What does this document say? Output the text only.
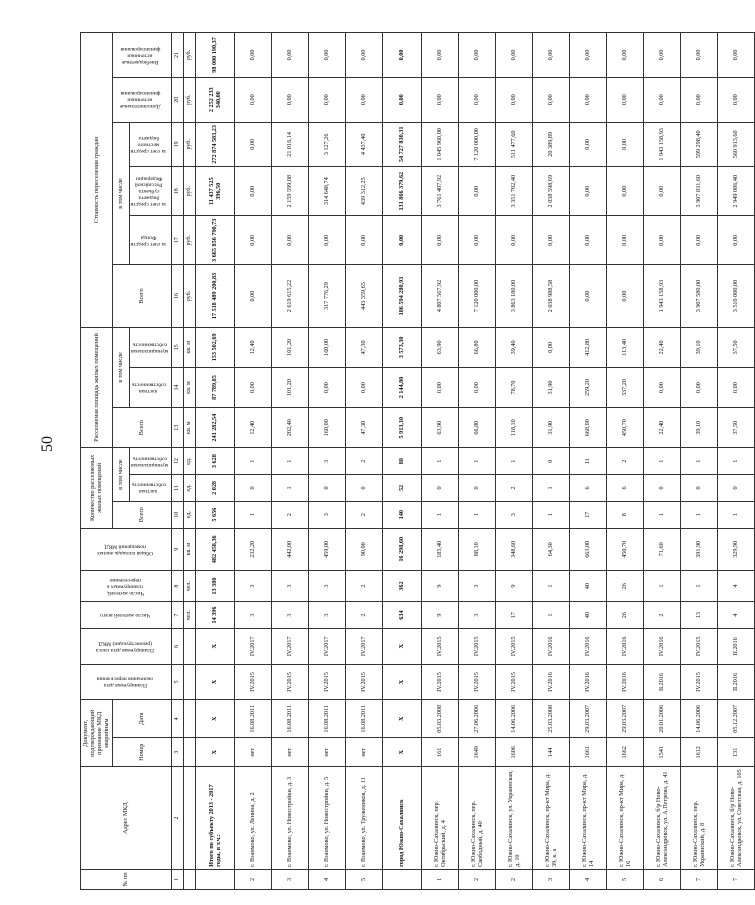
50
№ пп	Адрес МКД	Документ, подтверждающий признание МКД аварийным		Планируемая дата окончания переселения	Планируемая дата сноса (реконструкции) МКД	Число жителей всего	Число жителей, планируемых к переселению	Общая площадь жилых помещений МКД	Количество расселяемых жилых помещений			Расселяемая площадь жилых помещений			Стоимость переселения граждан					
		Номер	Дата						Всего	в том числе		Всего	в том числе		Всего	в том числе			Дополнительные источники финансирования	Внебюджетные источники финансирования
										частная собственность	муниципальная собственность		частная собственность	муниципальная собственность		за счет средств Фонда	за счет средств бюджета субъекта Российской Федерации	за счет средств местного бюджета		
1	2	3	4	5	6	7	8	9	10	11	12	13	14	15	16	17	18	19	20	21
						чел.	чел.	кв. м	ед.	ед.	ед.	кв. м	кв. м	кв. м	руб.	руб.	руб.	руб.	руб.	руб.
	Итого по субъекту 2013 - 2017 годы, в т.ч.:	X	X	X	X	14 396	13 380	482 458,36	5 656	2 028	3 628	241 282,54	87 789,85	153 502,69	17 518 489 200,83	3 665 856 790,73	11 437 525 396,50	272 874 583,23	2 252 233 340,00	98 000 190,37
2	г. Взаимово, ул. Ленина, д. 2	нет	16.08.2011	IV.2015	IV.2017	3	3	232,20	1	0	1	12,40	0,00	12,40	0,00	0,00	0,00	0,00	0,00	0,00
3	г. Взаимово, ул. Новостройки, д. 3	нет	16.08.2011	IV.2015	IV.2017	3	3	442,00	2	1	1	202,40	101,20	101,20	2 619 615,22	0,00	2 159 599,08	21 016,14	0,00	0,00
4	г. Взаимово, ул. Новостройки, д. 5	нет	16.08.2011	IV.2015	IV.2017	3	3	459,00	3	0	3	160,00	0,00	160,00	317 776,29	0,00	314 648,74	3 127,26	0,00	0,00
5	г. Взаимово, ул. Тружеников, д. 11	нет	16.08.2011	IV.2015	IV.2017	2	2	90,00	2	0	2	47,30	0,00	47,30	443 359,65	0,00	439 312,25	4 437,40	0,00	0,00
	город Южно-Сахалинск	X	X	X	X	634	362	16 298,60	140	52	88	5 913,10	2 144,80	3 573,30	186 594 280,93	0,00	131 866 379,62	54 727 830,31	0,00	0,00
1	г. Южно-Сахалинск, пер. Октябрьский, д. 4	161	05.03.2008	IV.2015	IV.2015	9	9	185,40	1	0	1	63,90	0,00	63,90	4 807 567,92	0,00	3 761 407,92	1 045 960,00	0,00	0,00
2	г. Южно-Сахалинск, пер. Свободный, д. 40	1649	27.06.2006	IV.2015	IV.2015	3	3	88,10	1	0	1	66,80	0,00	66,80	7 120 000,00	0,00	0,00	7 120 000,00	0,00	0,00
2	г. Южно-Сахалинск, ул. Украинская, д. 10	1606	14.06.2006	IV.2015	IV.2015	17	9	348,60	3	2	1	118,10	78,70	39,40	3 863 180,00	0,00	3 351 702,40	511 477,60	0,00	0,00
3	г. Южно-Сахалинск, пр-кт Мира, д. 39, к. а	144	25.03.2008	IV.2016	IV.2016	1	1	64,30	1	1	0	31,90	31,90	0,00	2 038 988,58	0,00	2 038 598,69	20 389,89	0,00	0,00
4	г. Южно-Сахалинск, пр-кт Мира, д. 14	1661	29.03.2007	IV.2016	IV.2016	40	40	663,00	17	6	11	668,00	259,20	412,80	0,00	0,00	0,00	0,00	0,00	0,00
5	г. Южно-Сахалинск, пр-кт Мира, д. 16	1662	29.03.2007	IV.2016	IV.2016	26	26	450,70	8	6	2	450,70	337,20	113,40	0,00	0,00	0,00	0,00	0,00	0,00
6	г. Южно-Сахалинск, б/р Ново-Александровск, ул. А.Петрова, д. 41	1541	20.01.2006	II.2016	IV.2016	2	1	71,60	1	0	1	22,40	0,00	22,40	1 943 158,93	0,00	0,00	1 943 158,93	0,00	0,00
7	г. Южно-Сахалинск, пер. Украинский, д. 8	1612	14.06.2006	IV.2015	IV.2015	13	1	391,90	1	0	1	39,10	0,00	39,10	3 907 580,00	0,00	3 907 831,60	599 298,40	0,00	0,00
7	г. Южно-Сахалинск, б/р Ново-Александровск, ул. Советская, д. 105	131	05.12.2007	II.2016	II.2016	4	4	329,90	1	0	1	37,50	0,00	37,50	3 510 000,00	0,00	2 949 086,40	560 913,60	0,00	0,00
